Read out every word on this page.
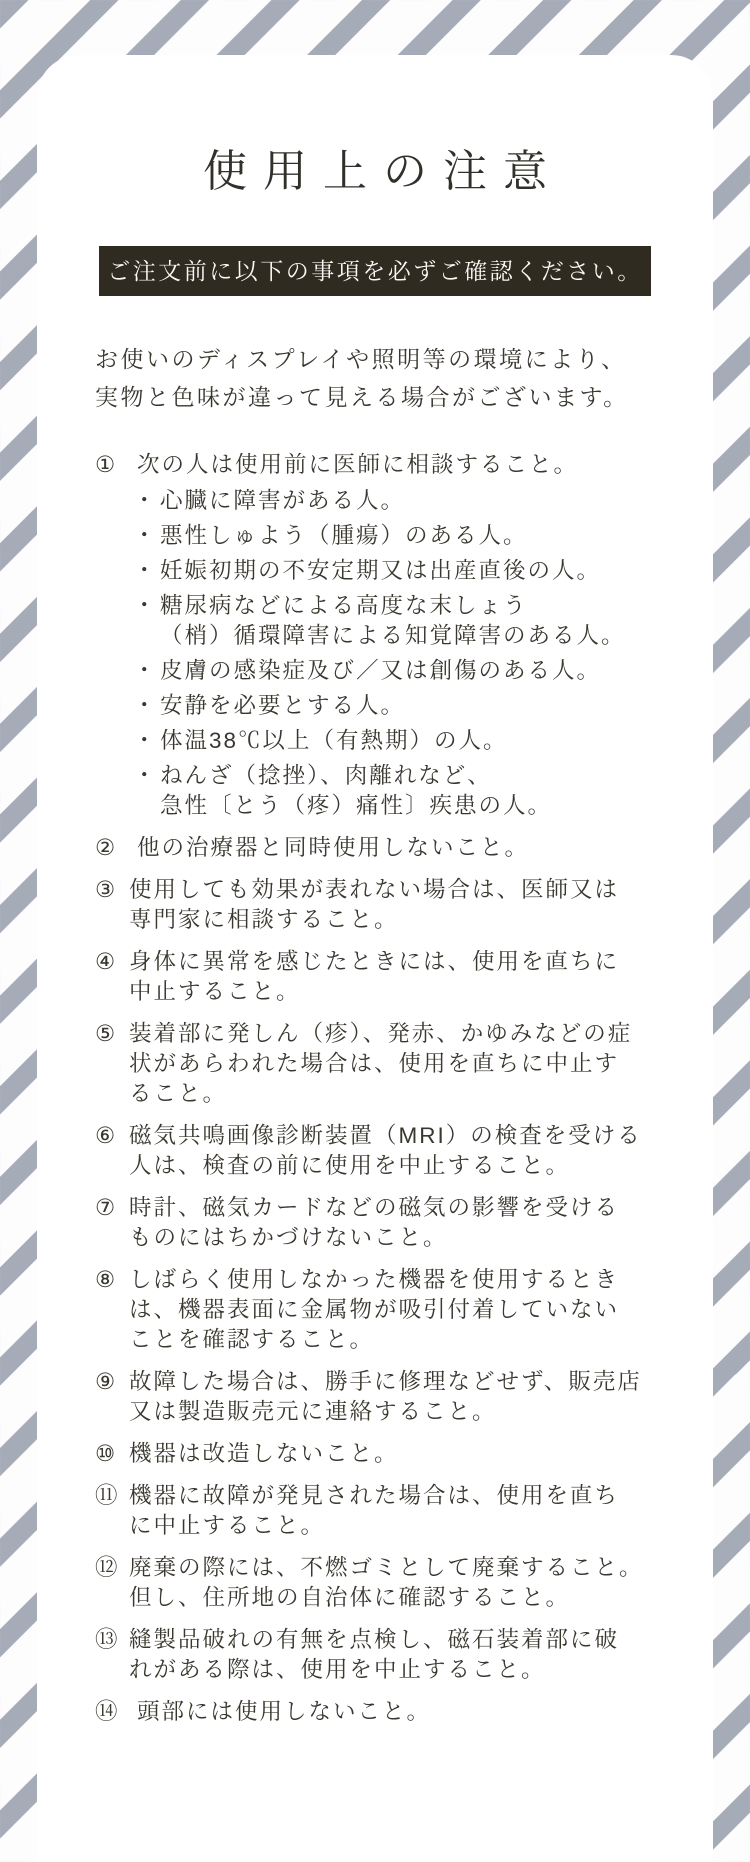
使用上の注意
ご注文前に以下の事項を必ずご確認ください。
お使いのディスプレイや照明等の環境により、
実物と色味が違って見える場合がございます。
① 次の人は使用前に医師に相談すること。
・ 心臓に障害がある人。
・ 悪性しゅよう（腫瘍）のある人。
・ 妊娠初期の不安定期又は出産直後の人。
・ 糖尿病などによる高度な末しょう
（梢）循環障害による知覚障害のある人。
・ 皮膚の感染症及び／又は創傷のある人。
・ 安静を必要とする人。
・ 体温38℃以上（有熱期）の人。
・ ねんざ（捻挫）、肉離れなど、
急性〔とう（疼）痛性〕疾患の人。
② 他の治療器と同時使用しないこと。
③ 使用しても効果が表れない場合は、医師又は
専門家に相談すること。
④ 身体に異常を感じたときには、使用を直ちに
中止すること。
⑤ 装着部に発しん（疹）、発赤、かゆみなどの症
状があらわれた場合は、使用を直ちに中止す
ること。
⑥ 磁気共鳴画像診断装置（MRI）の検査を受ける
人は、検査の前に使用を中止すること。
⑦ 時計、磁気カードなどの磁気の影響を受ける
ものにはちかづけないこと。
⑧ しばらく使用しなかった機器を使用するとき
は、機器表面に金属物が吸引付着していない
ことを確認すること。
⑨ 故障した場合は、勝手に修理などせず、販売店
又は製造販売元に連絡すること。
⑩ 機器は改造しないこと。
⑪ 機器に故障が発見された場合は、使用を直ち
に中止すること。
⑫ 廃棄の際には、不燃ゴミとして廃棄すること。
但し、住所地の自治体に確認すること。
⑬ 縫製品破れの有無を点検し、磁石装着部に破
れがある際は、使用を中止すること。
⑭ 頭部には使用しないこと。
